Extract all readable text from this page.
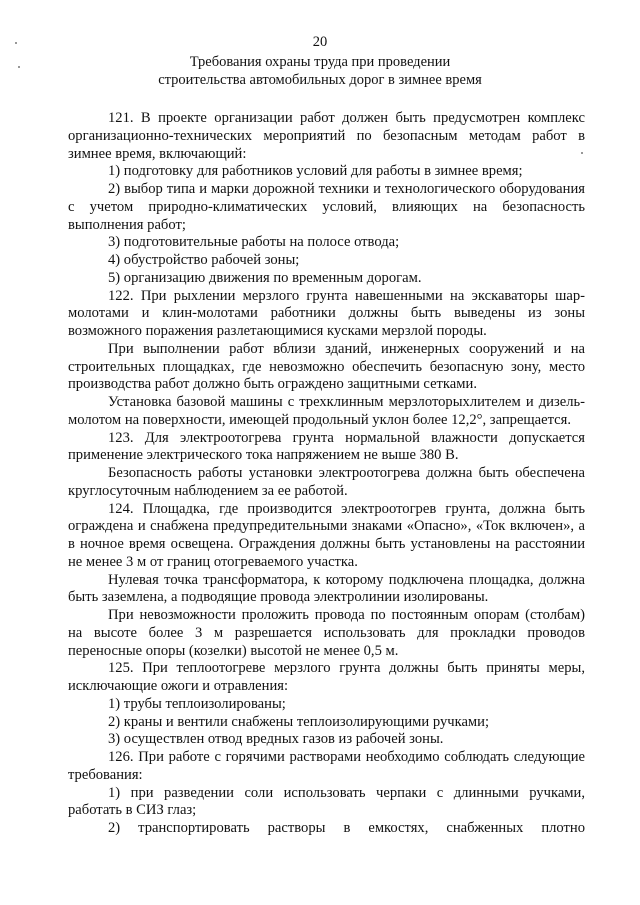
20
Требования охраны труда при проведении
строительства автомобильных дорог в зимнее время

121. В проекте организации работ должен быть предусмотрен комплекс организационно-технических мероприятий по безопасным методам работ в зимнее время, включающий:

1) подготовку для работников условий для работы в зимнее время;

2) выбор типа и марки дорожной техники и технологического оборудования с учетом природно-климатических условий, влияющих на безопасность выполнения работ;

3) подготовительные работы на полосе отвода;

4) обустройство рабочей зоны;

5) организацию движения по временным дорогам.

122. При рыхлении мерзлого грунта навешенными на экскаваторы шар-молотами и клин-молотами работники должны быть выведены из зоны возможного поражения разлетающимися кусками мерзлой породы.

При выполнении работ вблизи зданий, инженерных сооружений и на строительных площадках, где невозможно обеспечить безопасную зону, место производства работ должно быть ограждено защитными сетками.

Установка базовой машины с трехклинным мерзлоторыхлителем и дизель-молотом на поверхности, имеющей продольный уклон более 12,2°, запрещается.

123. Для электроотогрева грунта нормальной влажности допускается применение электрического тока напряжением не выше 380 В.

Безопасность работы установки электроотогрева должна быть обеспечена круглосуточным наблюдением за ее работой.

124. Площадка, где производится электроотогрев грунта, должна быть ограждена и снабжена предупредительными знаками «Опасно», «Ток включен», а в ночное время освещена. Ограждения должны быть установлены на расстоянии не менее 3 м от границ отогреваемого участка.

Нулевая точка трансформатора, к которому подключена площадка, должна быть заземлена, а подводящие провода электролинии изолированы.

При невозможности проложить провода по постоянным опорам (столбам) на высоте более 3 м разрешается использовать для прокладки проводов переносные опоры (козелки) высотой не менее 0,5 м.

125. При теплоотогреве мерзлого грунта должны быть приняты меры, исключающие ожоги и отравления:

1) трубы теплоизолированы;

2) краны и вентили снабжены теплоизолирующими ручками;

3) осуществлен отвод вредных газов из рабочей зоны.

126. При работе с горячими растворами необходимо соблюдать следующие требования:

1) при разведении соли использовать черпаки с длинными ручками, работать в СИЗ глаз;

2) транспортировать растворы в емкостях, снабженных плотно
